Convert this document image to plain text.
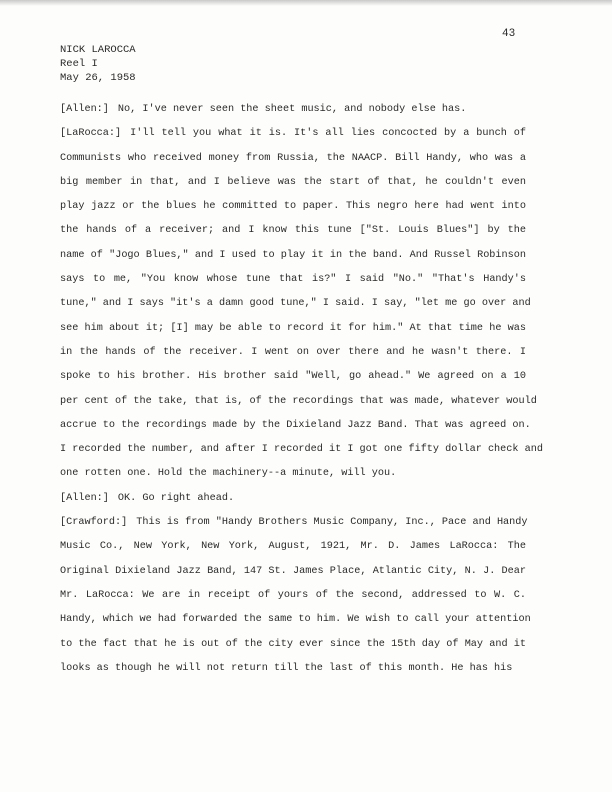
43
NICK LAROCCA
Reel I
May 26, 1958
[Allen:] No, I've never seen the sheet music, and nobody else has.
[LaRocca:] I'll tell you what it is. It's all lies concocted by a bunch of
Communists who received money from Russia, the NAACP. Bill Handy, who was a
big member in that, and I believe was the start of that, he couldn't even
play jazz or the blues he committed to paper. This negro here had went into
the hands of a receiver; and I know this tune ["St. Louis Blues"] by the
name of "Jogo Blues," and I used to play it in the band. And Russel Robinson
says to me, "You know whose tune that is?" I said "No." "That's Handy's
tune," and I says "it's a damn good tune," I said. I say, "let me go over and
see him about it; [I] may be able to record it for him." At that time he was
in the hands of the receiver. I went on over there and he wasn't there. I
spoke to his brother. His brother said "Well, go ahead." We agreed on a 10
per cent of the take, that is, of the recordings that was made, whatever would
accrue to the recordings made by the Dixieland Jazz Band. That was agreed on.
I recorded the number, and after I recorded it I got one fifty dollar check and
one rotten one. Hold the machinery--a minute, will you.
[Allen:] OK. Go right ahead.
[Crawford:] This is from "Handy Brothers Music Company, Inc., Pace and Handy
Music Co., New York, New York, August, 1921, Mr. D. James LaRocca: The
Original Dixieland Jazz Band, 147 St. James Place, Atlantic City, N. J. Dear
Mr. LaRocca: We are in receipt of yours of the second, addressed to W. C.
Handy, which we had forwarded the same to him. We wish to call your attention
to the fact that he is out of the city ever since the 15th day of May and it
looks as though he will not return till the last of this month. He has his
